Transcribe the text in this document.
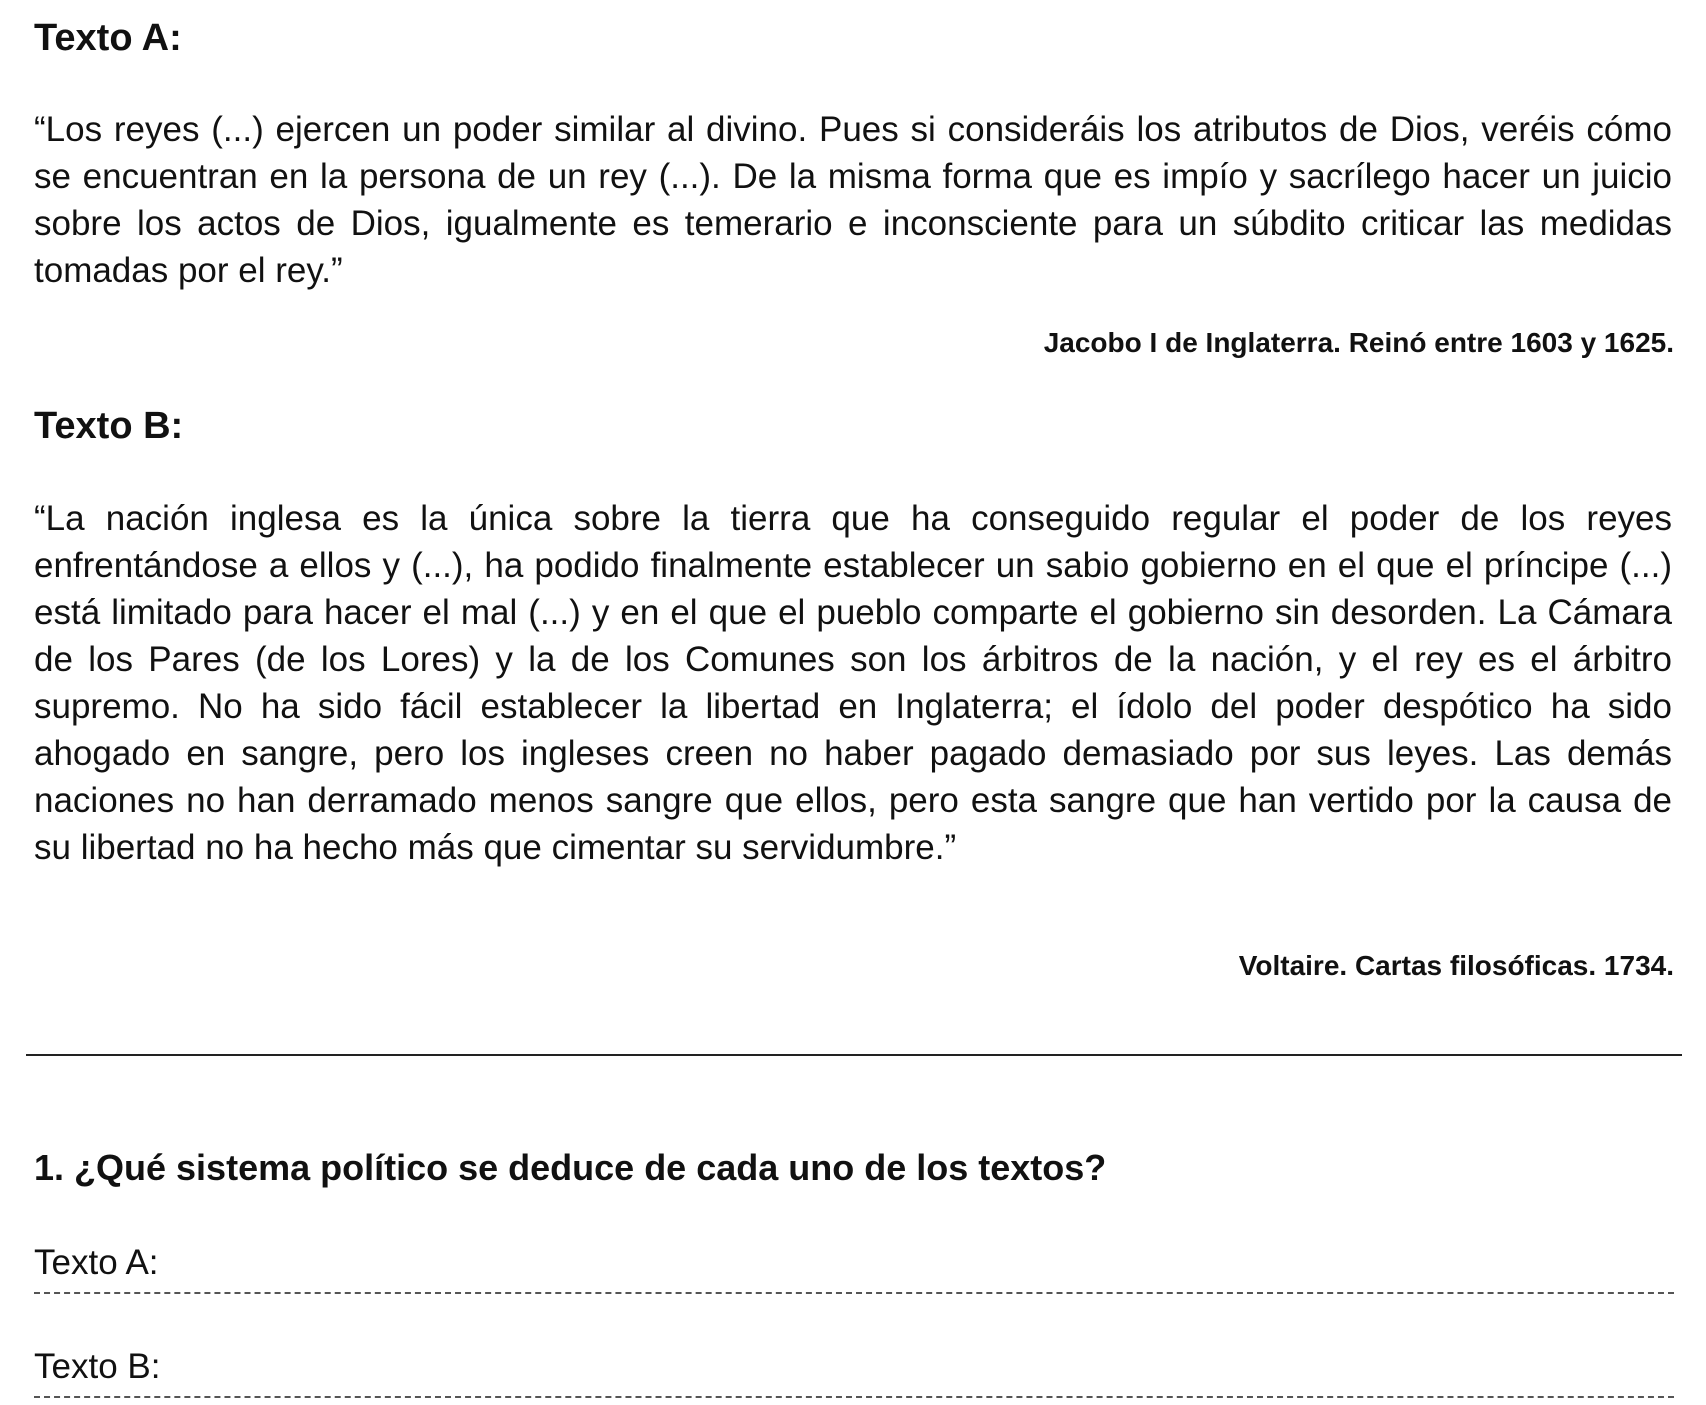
Texto A:

“Los reyes (...) ejercen un poder similar al divino. Pues si consideráis los atributos de Dios, veréis cómo se encuentran en la persona de un rey (...). De la misma forma que es impío y sacrílego hacer un juicio sobre los actos de Dios, igualmente es temerario e inconsciente para un súbdito criticar las medidas tomadas por el rey.”

Jacobo I de Inglaterra. Reinó entre 1603 y 1625.
Texto B:

“La nación inglesa es la única sobre la tierra que ha conseguido regular el poder de los reyes enfrentándose a ellos y (...), ha podido finalmente establecer un sabio gobierno en el que el príncipe (...) está limitado para hacer el mal (...) y en el que el pueblo comparte el gobierno sin desorden. La Cámara de los Pares (de los Lores) y la de los Comunes son los árbitros de la nación, y el rey es el árbitro supremo. No ha sido fácil establecer la libertad en Inglaterra; el ídolo del poder despótico ha sido ahogado en sangre, pero los ingleses creen no haber pagado demasiado por sus leyes. Las demás naciones no han derramado menos sangre que ellos, pero esta sangre que han vertido por la causa de su libertad no ha hecho más que cimentar su servidumbre.”

Voltaire. Cartas filosóficas. 1734.
1. ¿Qué sistema político se deduce de cada uno de los textos?
Texto A:
Texto B:
